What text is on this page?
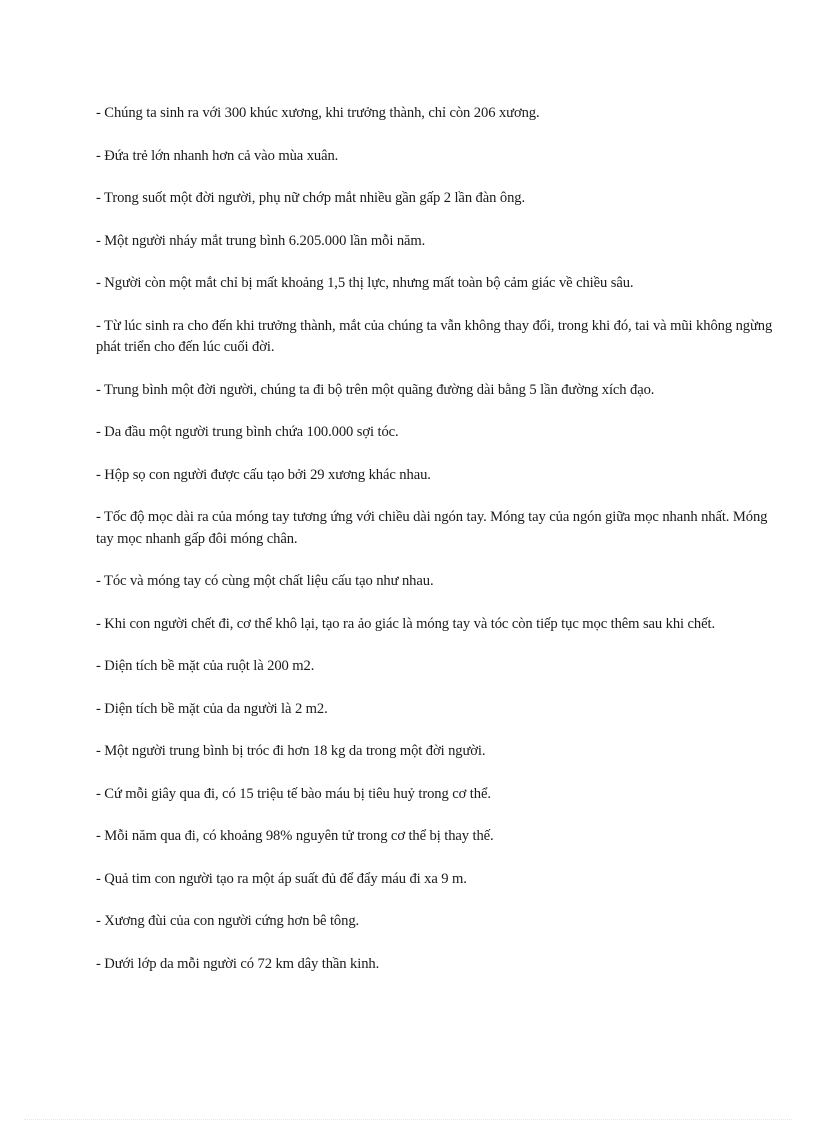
- Chúng ta sinh ra với 300 khúc xương, khi trưởng thành, chỉ còn 206 xương.

- Đứa trẻ lớn nhanh hơn cả vào mùa xuân.

- Trong suốt một đời người, phụ nữ chớp mắt nhiều gần gấp 2 lần đàn ông.

- Một người nháy mắt trung bình 6.205.000 lần mỗi năm.

- Người còn một mắt chỉ bị mất khoảng 1,5 thị lực, nhưng mất toàn bộ cảm giác về chiều sâu.

- Từ lúc sinh ra cho đến khi trưởng thành, mắt của chúng ta vẫn không thay đổi, trong khi đó, tai và mũi không ngừng phát triển cho đến lúc cuối đời.

- Trung bình một đời người, chúng ta đi bộ trên một quãng đường dài bằng 5 lần đường xích đạo.

- Da đầu một người trung bình chứa 100.000 sợi tóc.

- Hộp sọ con người được cấu tạo bởi 29 xương khác nhau.

- Tốc độ mọc dài ra của móng tay tương ứng với chiều dài ngón tay. Móng tay của ngón giữa mọc nhanh nhất. Móng tay mọc nhanh gấp đôi móng chân.

- Tóc và móng tay có cùng một chất liệu cấu tạo như nhau.

- Khi con người chết đi, cơ thể khô lại, tạo ra ảo giác là móng tay và tóc còn tiếp tục mọc thêm sau khi chết.

- Diện tích bề mặt của ruột là 200 m2.

- Diện tích bề mặt của da người là 2 m2.

- Một người trung bình bị tróc đi hơn 18 kg da trong một đời người.

- Cứ mỗi giây qua đi, có 15 triệu tế bào máu bị tiêu huỷ trong cơ thể.

- Mỗi năm qua đi, có khoảng 98% nguyên tử trong cơ thể bị thay thế.

- Quả tim con người tạo ra một áp suất đủ để đẩy máu đi xa 9 m.

- Xương đùi của con người cứng hơn bê tông.

- Dưới lớp da mỗi người có 72 km dây thần kinh.
